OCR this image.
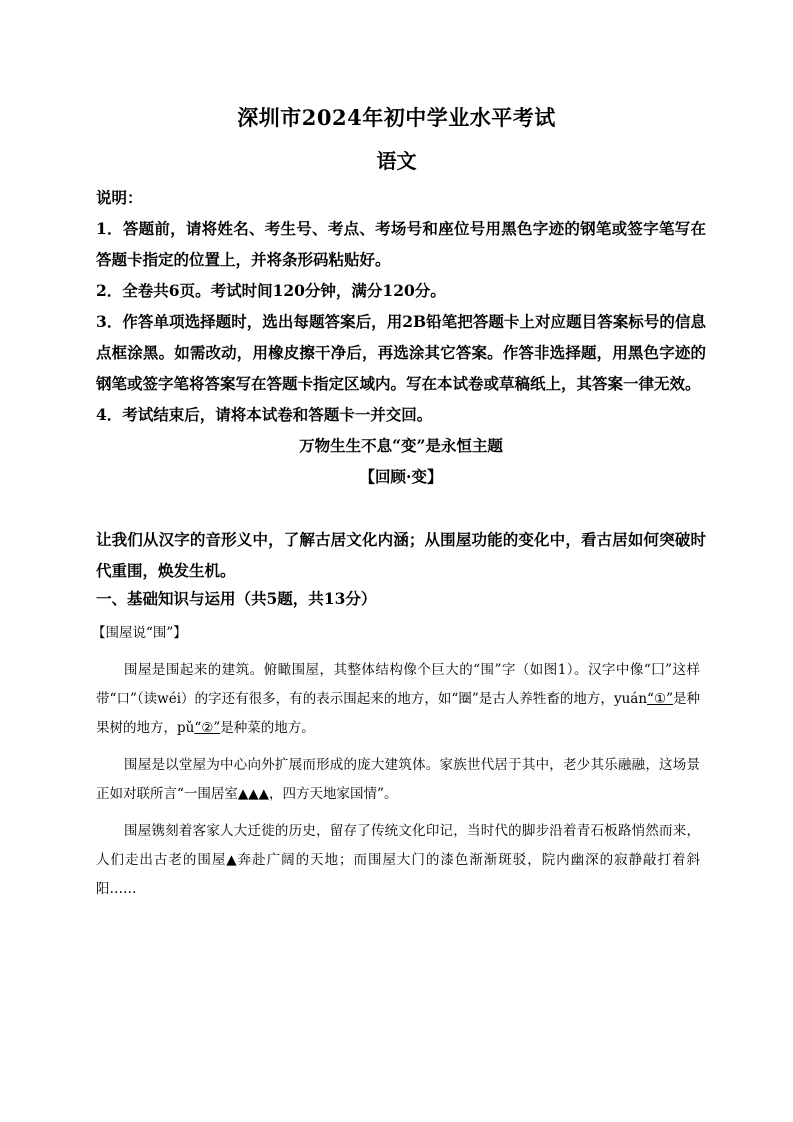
深圳市2024年初中学业水平考试
语文

说明：

1．答题前，请将姓名、考生号、考点、考场号和座位号用黑色字迹的钢笔或签字笔写在答题卡指定的位置上，并将条形码粘贴好。

2．全卷共6页。考试时间120分钟，满分120分。

3．作答单项选择题时，选出每题答案后，用2B铅笔把答题卡上对应题目答案标号的信息点框涂黑。如需改动，用橡皮擦干净后，再选涂其它答案。作答非选择题，用黑色字迹的钢笔或签字笔将答案写在答题卡指定区域内。写在本试卷或草稿纸上，其答案一律无效。

4．考试结束后，请将本试卷和答题卡一并交回。

万物生生不息“变”是永恒主题

【回顾·变】

让我们从汉字的音形义中，了解古居文化内涵；从围屋功能的变化中，看古居如何突破时代重围，焕发生机。

一、基础知识与运用（共5题，共13分）

【围屋说“围”】

围屋是围起来的建筑。俯瞰围屋，其整体结构像个巨大的“围”字（如图1）。汉字中像“囗”这样带“口”（读wéi）的字还有很多，有的表示围起来的地方，如“圈”是古人养牲畜的地方，yuán“①”是种果树的地方，pǔ“②”是种菜的地方。

围屋是以堂屋为中心向外扩展而形成的庞大建筑体。家族世代居于其中，老少其乐融融，这场景正如对联所言“一围居室▲▲▲，四方天地家国情”。

围屋镌刻着客家人大迁徙的历史，留存了传统文化印记，当时代的脚步沿着青石板路悄然而来，人们走出古老的围屋▲奔赴广阔的天地；而围屋大门的漆色渐渐斑驳，院内幽深的寂静敲打着斜阳……
